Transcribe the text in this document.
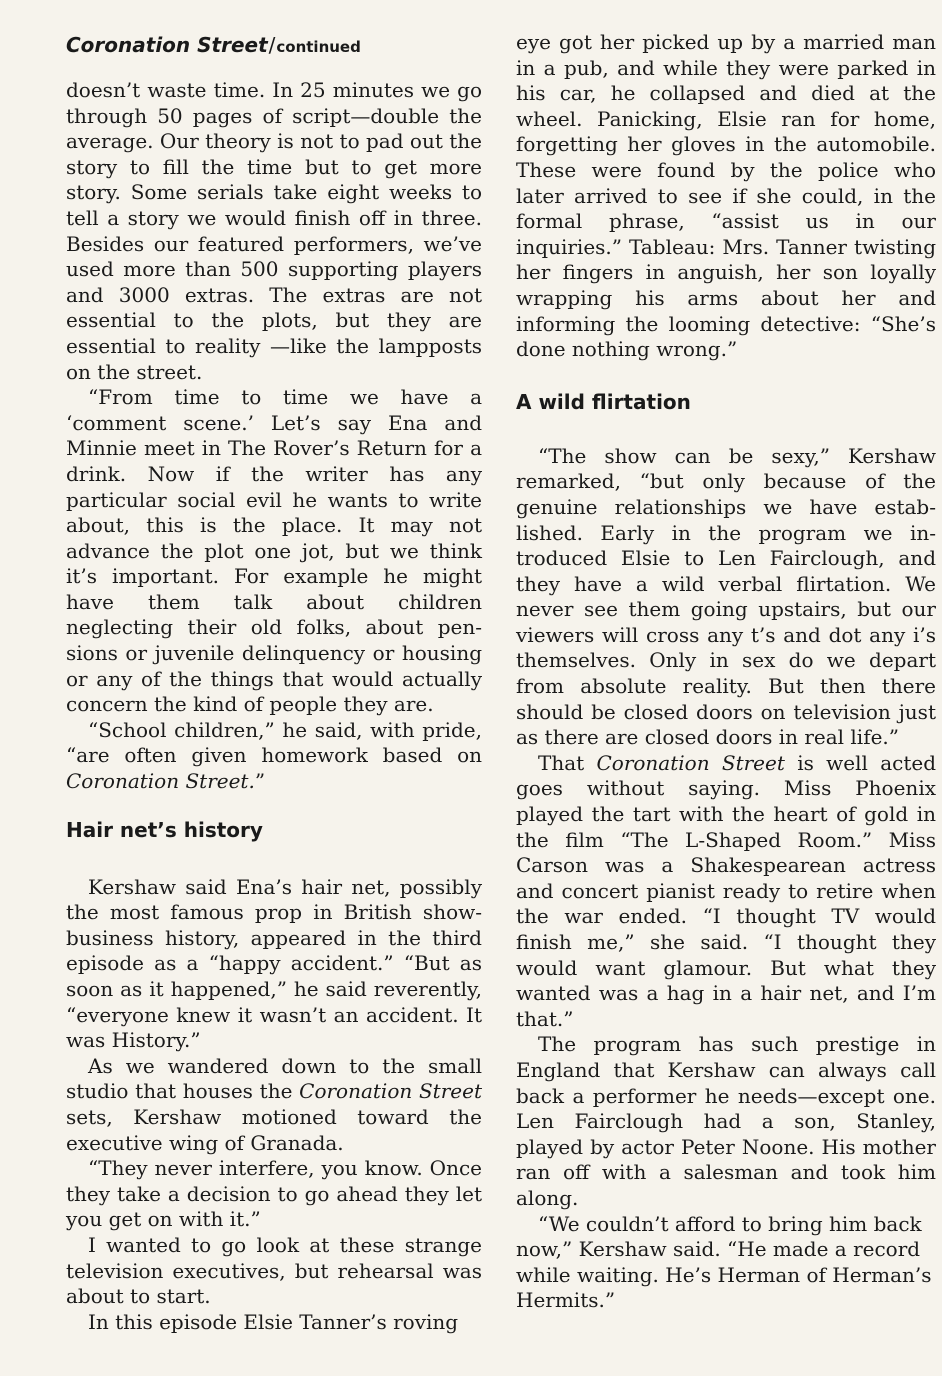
Coronation Street/continued

doesn’t waste time. In 25 minutes we go through 50 pages of script—double the average. Our theory is not to pad out the story to fill the time but to get more story. Some serials take eight weeks to tell a story we would finish off in three. Besides our featured performers, we’ve used more than 500 supporting players and 3000 extras. The extras are not essential to the plots, but they are essential to reality —like the lampposts on the street.

“From time to time we have a ‘comment scene.’ Let’s say Ena and Minnie meet in The Rover’s Return for a drink. Now if the writer has any particular social evil he wants to write about, this is the place. It may not advance the plot one jot, but we think it’s important. For example he might have them talk about children neglecting their old folks, about pensions or juvenile delinquency or housing or any of the things that would actually concern the kind of people they are.

“School children,” he said, with pride, “are often given homework based on Coronation Street.”

Hair net’s history

Kershaw said Ena’s hair net, possibly the most famous prop in British showbusiness history, appeared in the third episode as a “happy accident.” “But as soon as it happened,” he said reverently, “everyone knew it wasn’t an accident. It was History.”

As we wandered down to the small studio that houses the Coronation Street sets, Kershaw motioned toward the executive wing of Granada.

“They never interfere, you know. Once they take a decision to go ahead they let you get on with it.”

I wanted to go look at these strange television executives, but rehearsal was about to start.

In this episode Elsie Tanner’s roving

eye got her picked up by a married man in a pub, and while they were parked in his car, he collapsed and died at the wheel. Panicking, Elsie ran for home, forgetting her gloves in the automobile. These were found by the police who later arrived to see if she could, in the formal phrase, “assist us in our inquiries.” Tableau: Mrs. Tanner twisting her fingers in anguish, her son loyally wrapping his arms about her and informing the looming detective: “She’s done nothing wrong.”

A wild flirtation

“The show can be sexy,” Kershaw remarked, “but only because of the genuine relationships we have established. Early in the program we introduced Elsie to Len Fairclough, and they have a wild verbal flirtation. We never see them going upstairs, but our viewers will cross any t’s and dot any i’s themselves. Only in sex do we depart from absolute reality. But then there should be closed doors on television just as there are closed doors in real life.”

That Coronation Street is well acted goes without saying. Miss Phoenix played the tart with the heart of gold in the film “The L-Shaped Room.” Miss Carson was a Shakespearean actress and concert pianist ready to retire when the war ended. “I thought TV would finish me,” she said. “I thought they would want glamour. But what they wanted was a hag in a hair net, and I’m that.”

The program has such prestige in England that Kershaw can always call back a performer he needs—except one. Len Fairclough had a son, Stanley, played by actor Peter Noone. His mother ran off with a salesman and took him along.

“We couldn’t afford to bring him back now,” Kershaw said. “He made a record while waiting. He’s Herman of Herman’s Hermits.”
